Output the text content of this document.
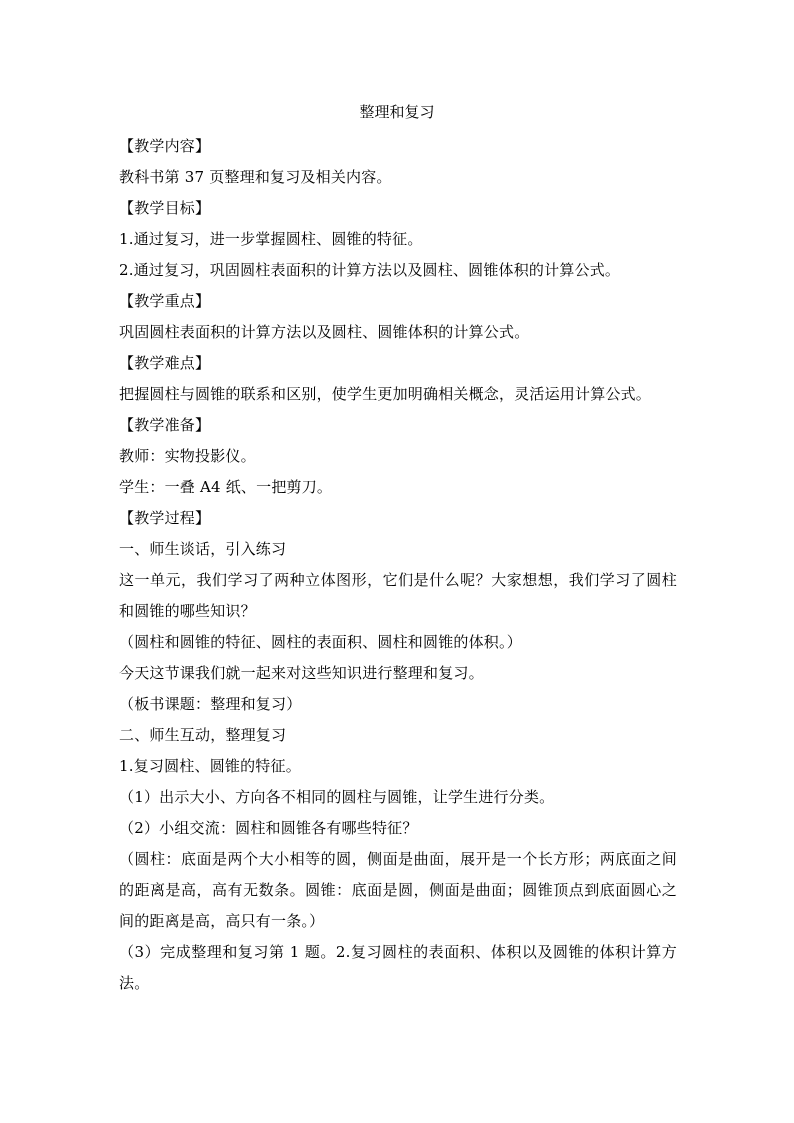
整理和复习
【教学内容】
教科书第 37 页整理和复习及相关内容。
【教学目标】
1.通过复习，进一步掌握圆柱、圆锥的特征。
2.通过复习，巩固圆柱表面积的计算方法以及圆柱、圆锥体积的计算公式。
【教学重点】
巩固圆柱表面积的计算方法以及圆柱、圆锥体积的计算公式。
【教学难点】
把握圆柱与圆锥的联系和区别，使学生更加明确相关概念，灵活运用计算公式。
【教学准备】
教师：实物投影仪。
学生：一叠 A4 纸、一把剪刀。
【教学过程】
一、师生谈话，引入练习
这一单元，我们学习了两种立体图形，它们是什么呢？大家想想，我们学习了圆柱和圆锥的哪些知识？
（圆柱和圆锥的特征、圆柱的表面积、圆柱和圆锥的体积。）
今天这节课我们就一起来对这些知识进行整理和复习。
（板书课题：整理和复习）
二、师生互动，整理复习
1.复习圆柱、圆锥的特征。
（1）出示大小、方向各不相同的圆柱与圆锥，让学生进行分类。
（2）小组交流：圆柱和圆锥各有哪些特征？
（圆柱：底面是两个大小相等的圆，侧面是曲面，展开是一个长方形；两底面之间的距离是高，高有无数条。圆锥：底面是圆，侧面是曲面；圆锥顶点到底面圆心之间的距离是高，高只有一条。）
（3）完成整理和复习第 1 题。2.复习圆柱的表面积、体积以及圆锥的体积计算方法。
